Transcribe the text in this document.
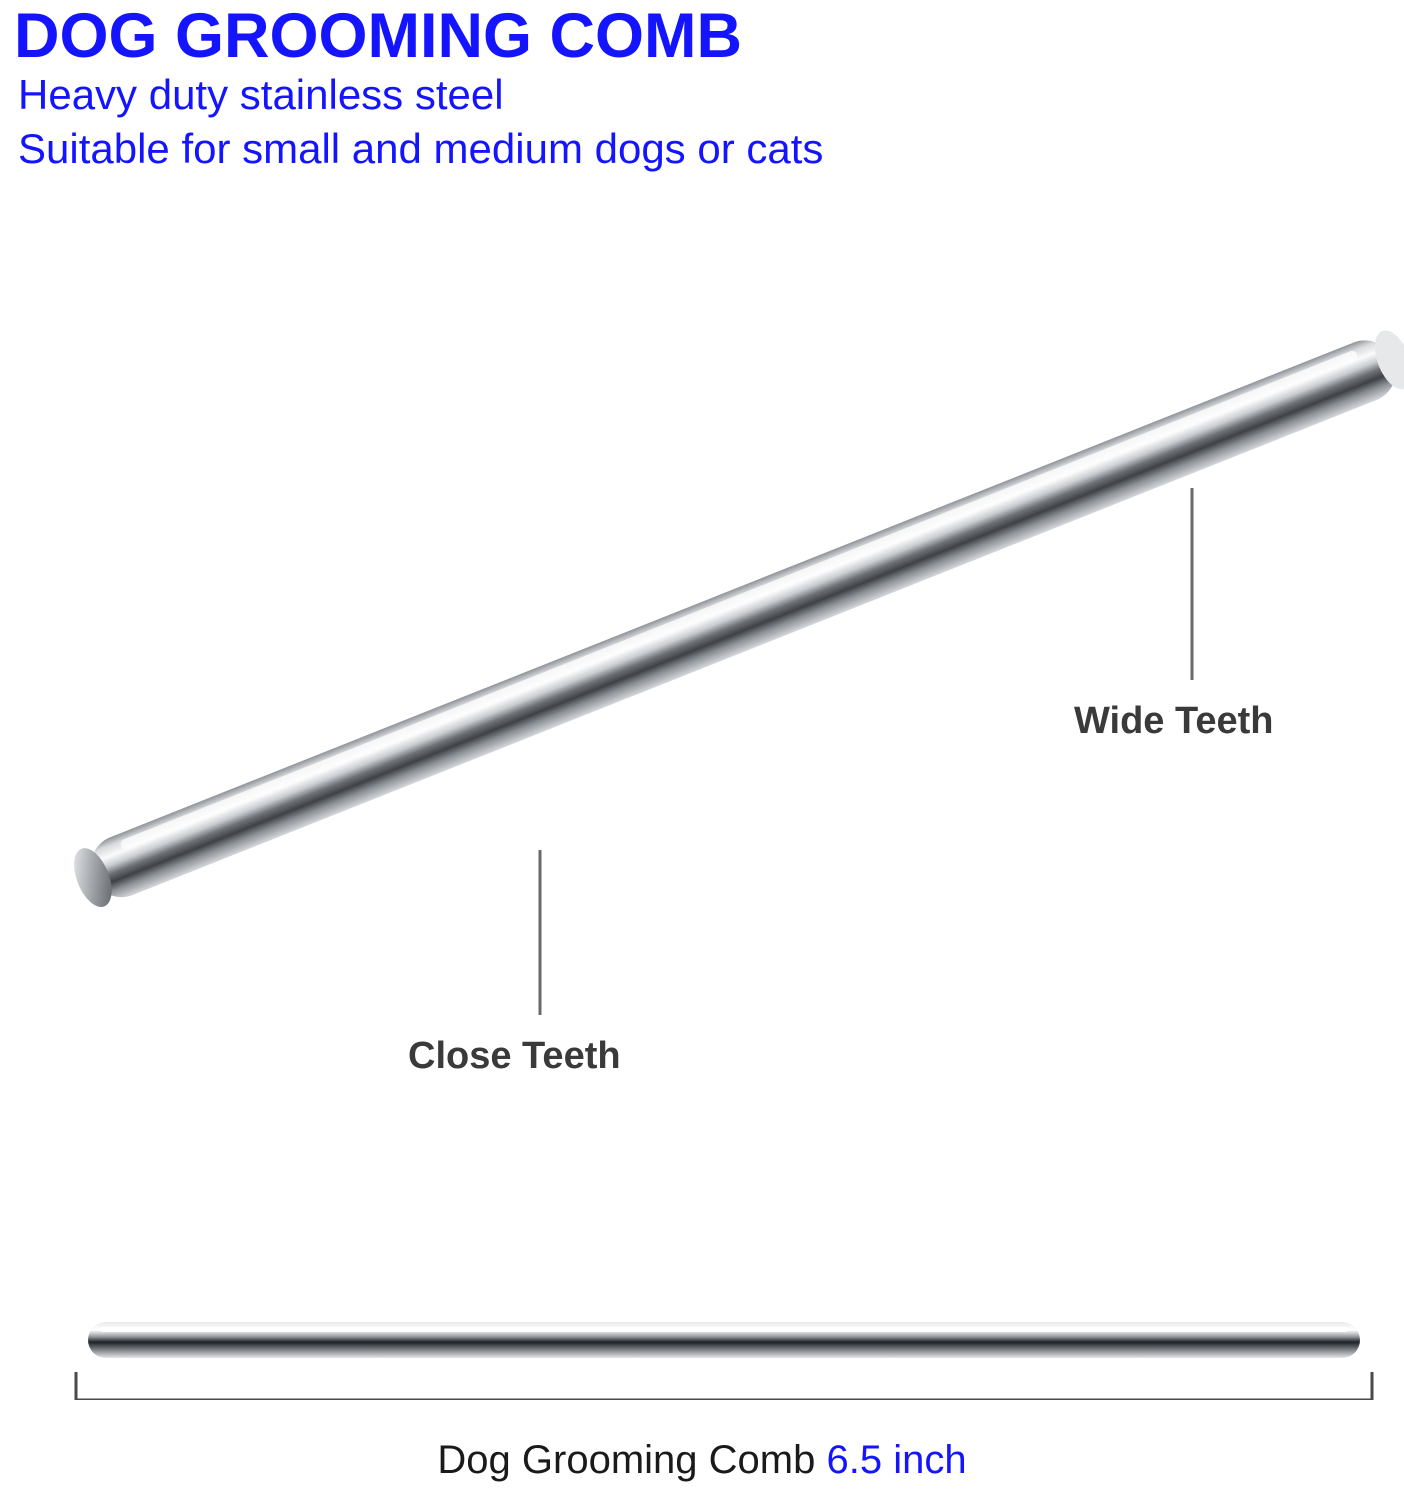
DOG GROOMING COMB
Heavy duty stainless steel
Suitable for small and medium dogs or cats
Wide Teeth
Close Teeth
Dog Grooming Comb 6.5 inch
